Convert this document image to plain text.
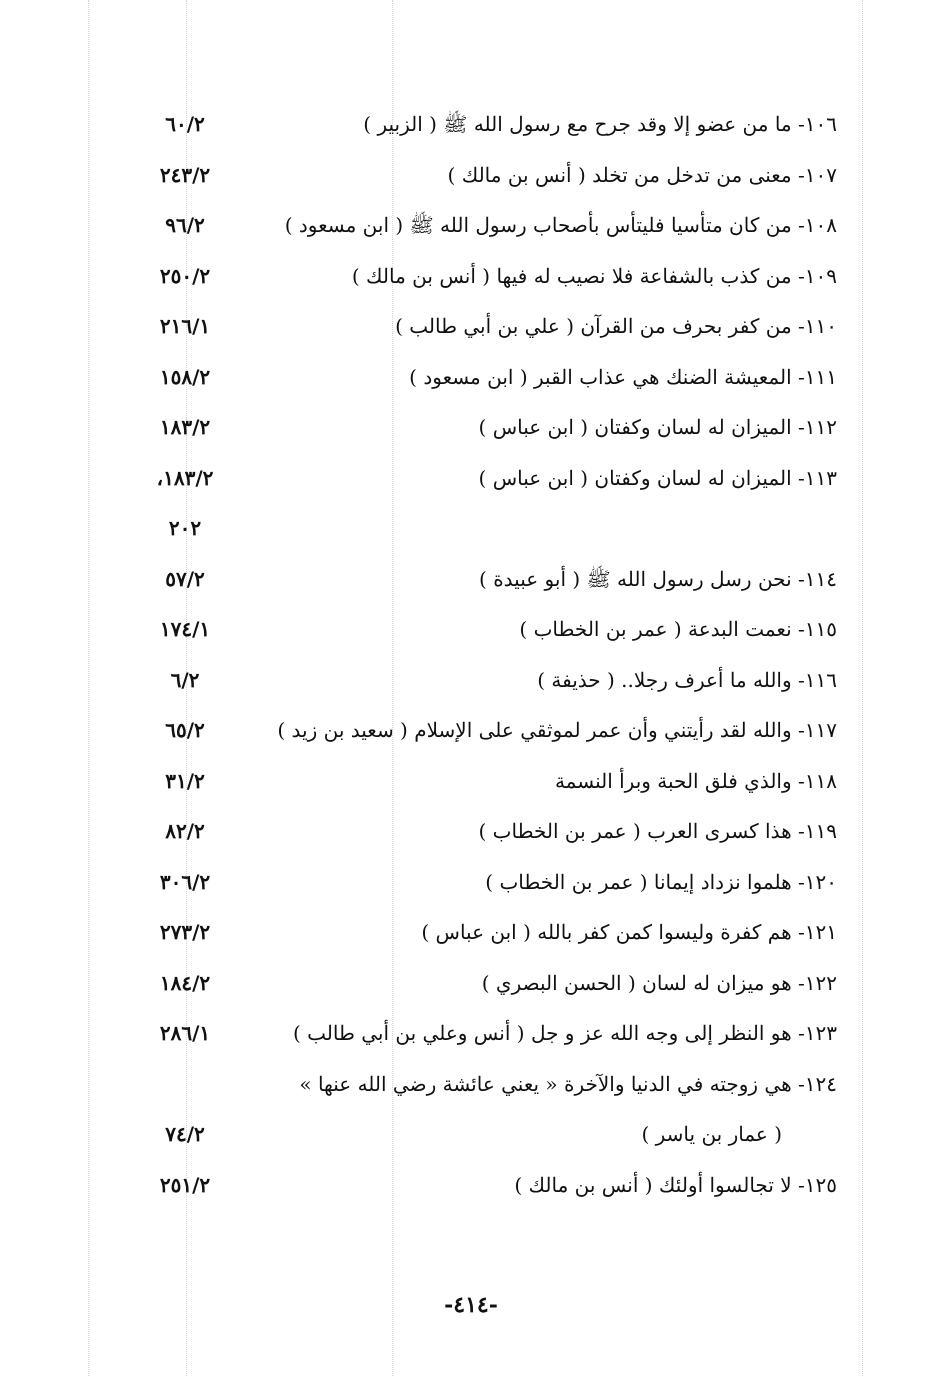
١٠٦- ما من عضو إلا وقد جرح مع رسول الله ﷺ ( الزبير )
٦٠/٢
١٠٧- معنى من تدخل من تخلد ( أنس بن مالك )
٢٤٣/٢
١٠٨- من كان متأسيا فليتأس بأصحاب رسول الله ﷺ ( ابن مسعود )
٩٦/٢
١٠٩- من كذب بالشفاعة فلا نصيب له فيها ( أنس بن مالك )
٢٥٠/٢
١١٠- من كفر بحرف من القرآن ( علي بن أبي طالب )
٢١٦/١
١١١- المعيشة الضنك هي عذاب القبر ( ابن مسعود )
١٥٨/٢
١١٢- الميزان له لسان وكفتان ( ابن عباس )
١٨٣/٢
١١٣- الميزان له لسان وكفتان ( ابن عباس )
١٨٣/٢،
٢٠٢
١١٤- نحن رسل رسول الله ﷺ ( أبو عبيدة )
٥٧/٢
١١٥- نعمت البدعة ( عمر بن الخطاب )
١٧٤/١
١١٦- والله ما أعرف رجلا.. ( حذيفة )
٦/٢
١١٧- والله لقد رأيتني وأن عمر لموثقي على الإسلام ( سعيد بن زيد )
٦٥/٢
١١٨- والذي فلق الحبة وبرأ النسمة
٣١/٢
١١٩- هذا كسرى العرب ( عمر بن الخطاب )
٨٢/٢
١٢٠- هلموا نزداد إيمانا ( عمر بن الخطاب )
٣٠٦/٢
١٢١- هم كفرة وليسوا كمن كفر بالله ( ابن عباس )
٢٧٣/٢
١٢٢- هو ميزان له لسان ( الحسن البصري )
١٨٤/٢
١٢٣- هو النظر إلى وجه الله عز و جل ( أنس وعلي بن أبي طالب )
٢٨٦/١
١٢٤- هي زوجته في الدنيا والآخرة « يعني عائشة رضي الله عنها »
( عمار بن ياسر )
٧٤/٢
١٢٥- لا تجالسوا أولئك ( أنس بن مالك )
٢٥١/٢
-٤١٤-
